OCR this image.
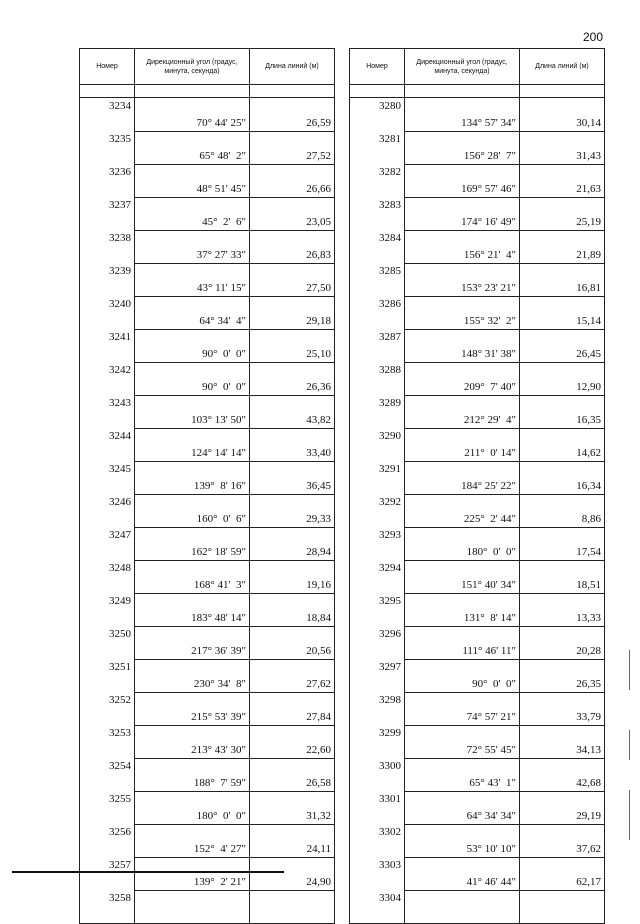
200
Номер	Дирекционный угол (градус, минута, секунда)	Длина линий (м)

3234	70° 44' 25"	26,59
3235	65° 48'  2"	27,52
3236	48° 51' 45"	26,66
3237	45°  2'  6"	23,05
3238	37° 27' 33"	26,83
3239	43° 11' 15"	27,50
3240	64° 34'  4"	29,18
3241	90°  0'  0"	25,10
3242	90°  0'  0"	26,36
3243	103° 13' 50"	43,82
3244	124° 14' 14"	33,40
3245	139°  8' 16"	36,45
3246	160°  0'  6"	29,33
3247	162° 18' 59"	28,94
3248	168° 41'  3"	19,16
3249	183° 48' 14"	18,84
3250	217° 36' 39"	20,56
3251	230° 34'  8"	27,62
3252	215° 53' 39"	27,84
3253	213° 43' 30"	22,60
3254	188°  7' 59"	26,58
3255	180°  0'  0"	31,32
3256	152°  4' 27"	24,11
3257	139°  2' 21"	24,90
3258		
Номер	Дирекционный угол (градус, минута, секунда)	Длина линий (м)

3280	134° 57' 34"	30,14
3281	156° 28'  7"	31,43
3282	169° 57' 46"	21,63
3283	174° 16' 49"	25,19
3284	156° 21'  4"	21,89
3285	153° 23' 21"	16,81
3286	155° 32'  2"	15,14
3287	148° 31' 38"	26,45
3288	209°  7' 40"	12,90
3289	212° 29'  4"	16,35
3290	211°  0' 14"	14,62
3291	184° 25' 22"	16,34
3292	225°  2' 44"	8,86
3293	180°  0'  0"	17,54
3294	151° 40' 34"	18,51
3295	131°  8' 14"	13,33
3296	111° 46' 11"	20,28
3297	90°  0'  0"	26,35
3298	74° 57' 21"	33,79
3299	72° 55' 45"	34,13
3300	65° 43'  1"	42,68
3301	64° 34' 34"	29,19
3302	53° 10' 10"	37,62
3303	41° 46' 44"	62,17
3304		
